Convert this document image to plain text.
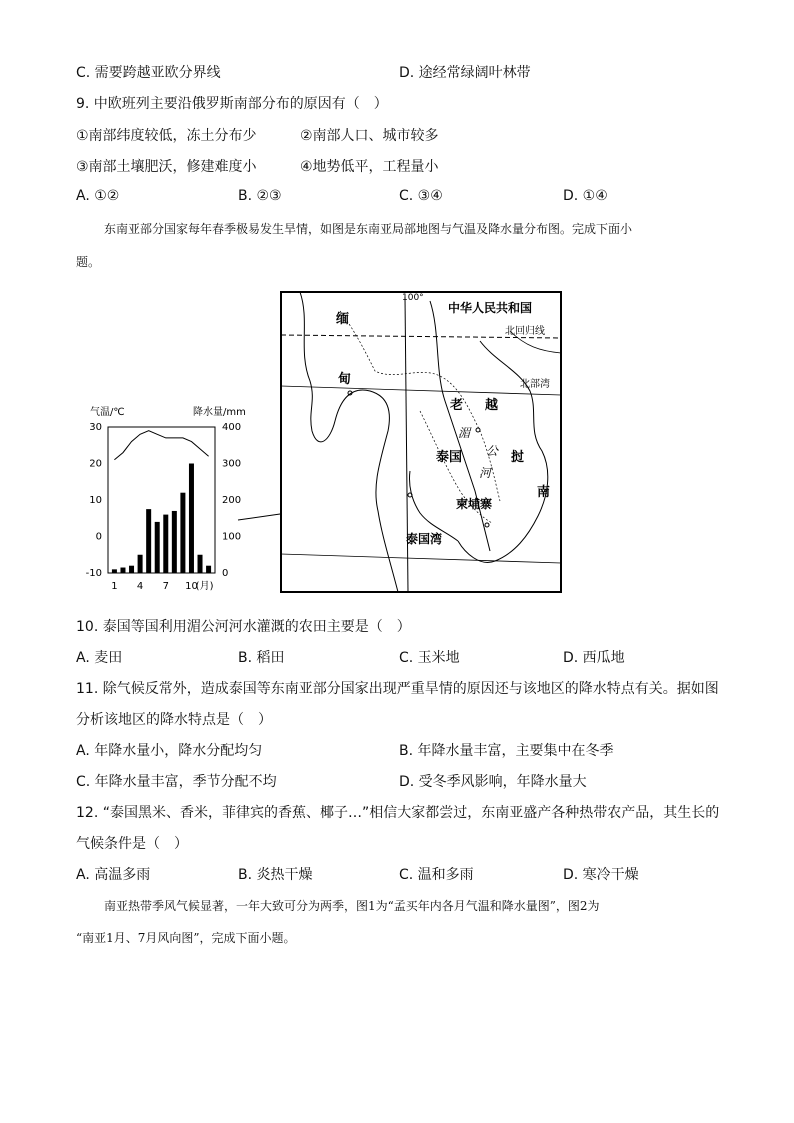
C. 需要跨越亚欧分界线	D. 途经常绿阔叶林带
9. 中欧班列主要沿俄罗斯南部分布的原因有（　）
①南部纬度较低，冻土分布少	②南部人口、城市较多
③南部土壤肥沃，修建难度小	④地势低平，工程量小
A. ①②	B. ②③	C. ③④	D. ①④
东南亚部分国家每年春季极易发生旱情，如图是东南亚局部地图与气温及降水量分布图。完成下面小
题。
气温/℃	降水量/mm
30
20
10
0
-10
400
300
200
100
0
1 4 7 10
(月)
100°
中华人民共和国
北回归线
北部湾
缅
甸
老
挝
越
南
泰国
湄
公
河
柬埔寨
泰国湾
10. 泰国等国利用湄公河河水灌溉的农田主要是（　）
A. 麦田	B. 稻田	C. 玉米地	D. 西瓜地
11. 除气候反常外，造成泰国等东南亚部分国家出现严重旱情的原因还与该地区的降水特点有关。据如图
分析该地区的降水特点是（　）
A. 年降水量小，降水分配均匀	B. 年降水量丰富，主要集中在冬季
C. 年降水量丰富，季节分配不均	D. 受冬季风影响，年降水量大
12. “泰国黑米、香米，菲律宾的香蕉、椰子…”相信大家都尝过，东南亚盛产各种热带农产品，其生长的
气候条件是（　）
A. 高温多雨	B. 炎热干燥	C. 温和多雨	D. 寒冷干燥
南亚热带季风气候显著，一年大致可分为两季，图1为“孟买年内各月气温和降水量图”，图2为
“南亚1月、7月风向图”，完成下面小题。
